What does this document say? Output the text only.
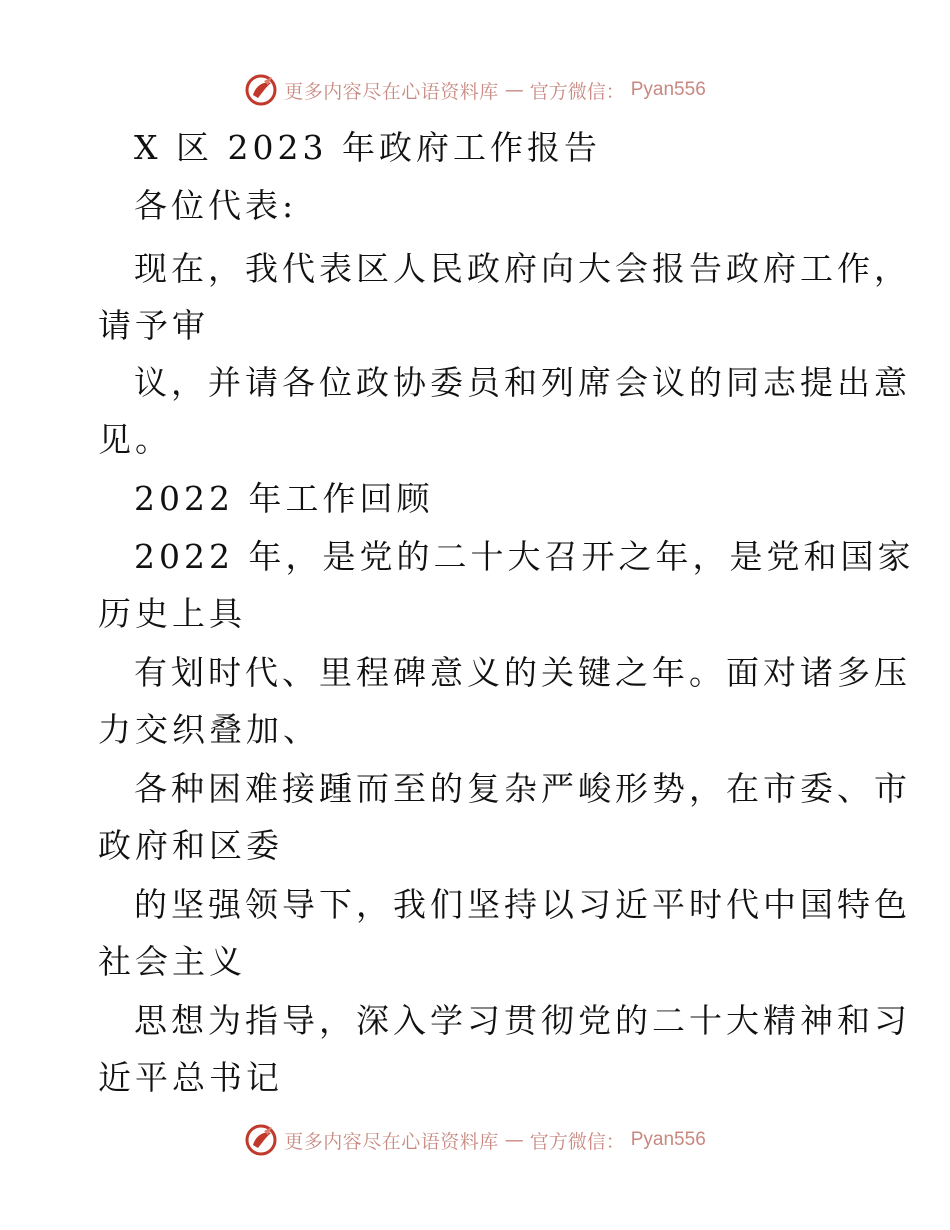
更多内容尽在心语资料库 — 官方微信： Pyan556
X 区 2023 年政府工作报告
各位代表:
现在，我代表区人民政府向大会报告政府工作，
请予审
议，并请各位政协委员和列席会议的同志提出意
见。
2022 年工作回顾
2022 年，是党的二十大召开之年，是党和国家
历史上具
有划时代、里程碑意义的关键之年。面对诸多压
力交织叠加、
各种困难接踵而至的复杂严峻形势，在市委、市
政府和区委
的坚强领导下，我们坚持以习近平时代中国特色
社会主义
思想为指导，深入学习贯彻党的二十大精神和习
近平总书记
更多内容尽在心语资料库 — 官方微信： Pyan556
